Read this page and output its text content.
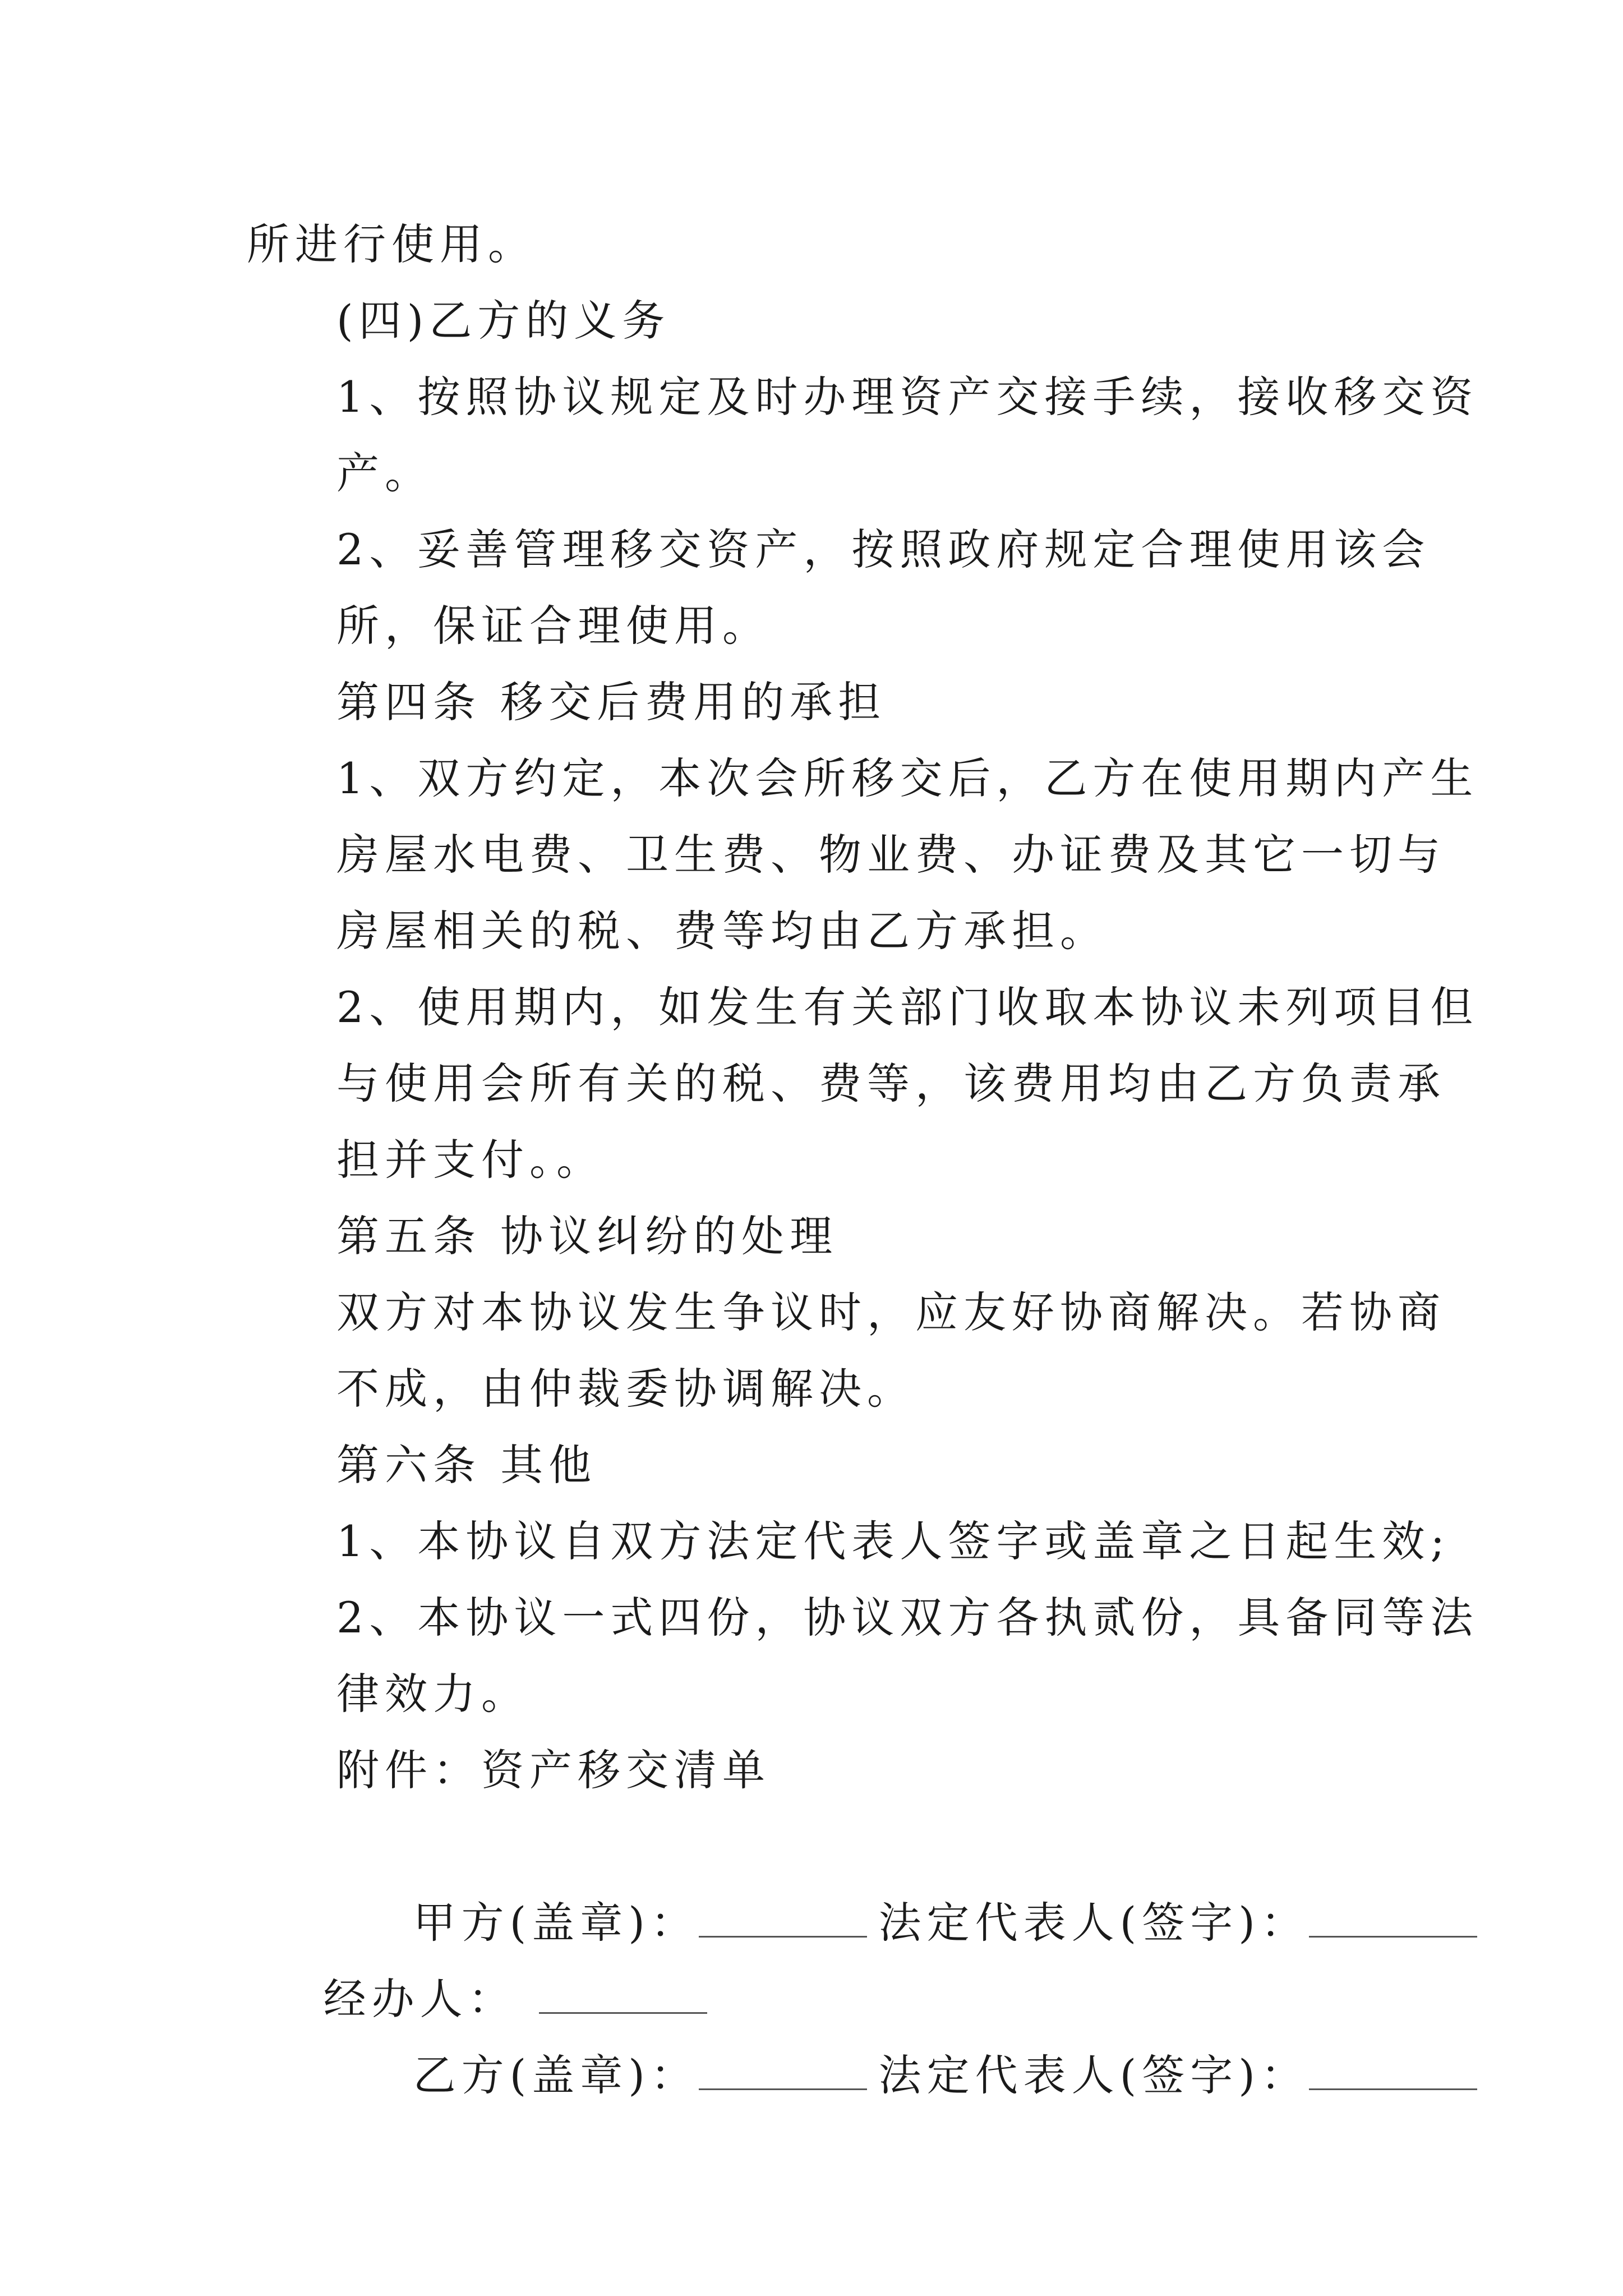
所进行使用。

(四)乙方的义务

1、按照协议规定及时办理资产交接手续，接收移交资产。

2、妥善管理移交资产，按照政府规定合理使用该会所，保证合理使用。

第四条 移交后费用的承担

1、双方约定，本次会所移交后，乙方在使用期内产生房屋水电费、卫生费、物业费、办证费及其它一切与房屋相关的税、费等均由乙方承担。

2、使用期内，如发生有关部门收取本协议未列项目但与使用会所有关的税、费等，该费用均由乙方负责承担并支付。。

第五条 协议纠纷的处理

双方对本协议发生争议时，应友好协商解决。若协商不成，由仲裁委协调解决。

第六条 其他

1、本协议自双方法定代表人签字或盖章之日起生效;

2、本协议一式四份，协议双方各执贰份，具备同等法律效力。

附件：资产移交清单

甲方(盖章)：
	法定代表人(签字)：

经办人：

乙方(盖章)：
	法定代表人(签字)：
